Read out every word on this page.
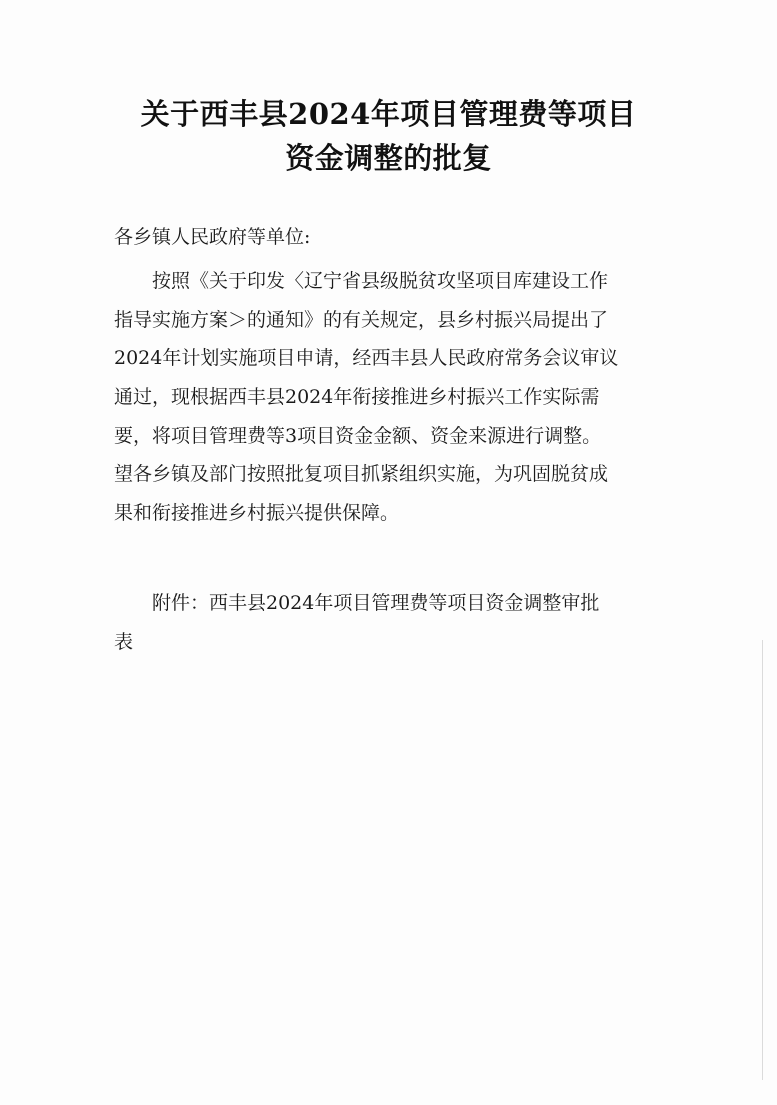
关于西丰县2024年项目管理费等项目
资金调整的批复
各乡镇人民政府等单位:
按照《关于印发〈辽宁省县级脱贫攻坚项目库建设工作
指导实施方案＞的通知》的有关规定，县乡村振兴局提出了
2024年计划实施项目申请，经西丰县人民政府常务会议审议
通过，现根据西丰县2024年衔接推进乡村振兴工作实际需
要，将项目管理费等3项目资金金额、资金来源进行调整。
望各乡镇及部门按照批复项目抓紧组织实施，为巩固脱贫成
果和衔接推进乡村振兴提供保障。
附件：西丰县2024年项目管理费等项目资金调整审批
表
